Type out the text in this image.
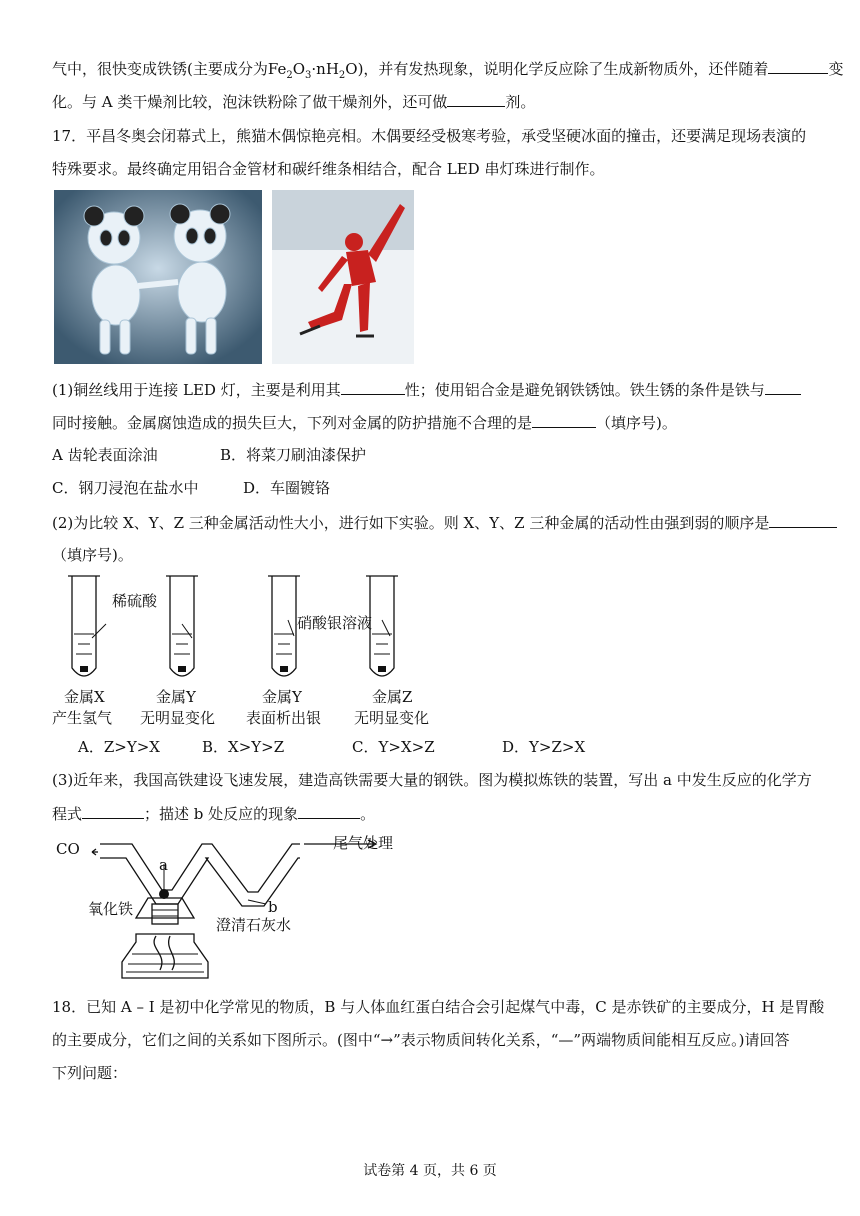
气中，很快变成铁锈(主要成分为$Fe_2O_3\cdot nH_2O$)，并有发热现象，说明化学反应除了生成新物质外，还伴随着	变
化。与 A 类干燥剂比较，泡沫铁粉除了做干燥剂外，还可做	剂。
17．平昌冬奥会闭幕式上，熊猫木偶惊艳亮相。木偶要经受极寒考验，承受坚硬冰面的撞击，还要满足现场表演的
特殊要求。最终确定用铝合金管材和碳纤维条相结合，配合 LED 串灯珠进行制作。
(1)铜丝线用于连接 LED 灯，主要是利用其	性；使用铝合金是避免钢铁锈蚀。铁生锈的条件是铁与
同时接触。金属腐蚀造成的损失巨大，下列对金属的防护措施不合理的是	（填序号)。
A 齿轮表面涂油	B．将菜刀刷油漆保护
C．钢刀浸泡在盐水中	D．车圈镀铬
(2)为比较 X、Y、Z 三种金属活动性大小，进行如下实验。则 X、Y、Z 三种金属的活动性由强到弱的顺序是
（填序号)。
稀硫酸
硝酸银溶液
金属X
产生氢气
金属Y
无明显变化
金属Y
表面析出银
金属Z
无明显变化
A．Z>Y>X	B．X>Y>Z	C．Y>X>Z	D．Y>Z>X
(3)近年来，我国高铁建设飞速发展，建造高铁需要大量的钢铁。图为模拟炼铁的装置，写出 a 中发生反应的化学方
程式	；描述 b 处反应的现象	。
CO
a
b
氧化铁
澄清石灰水
尾气处理
18．已知 A – I 是初中化学常见的物质，B 与人体血红蛋白结合会引起煤气中毒，C 是赤铁矿的主要成分，H 是胃酸
的主要成分，它们之间的关系如下图所示。(图中“→”表示物质间转化关系，“—”两端物质间能相互反应。)请回答
下列问题：
试卷第 4 页，共 6 页
